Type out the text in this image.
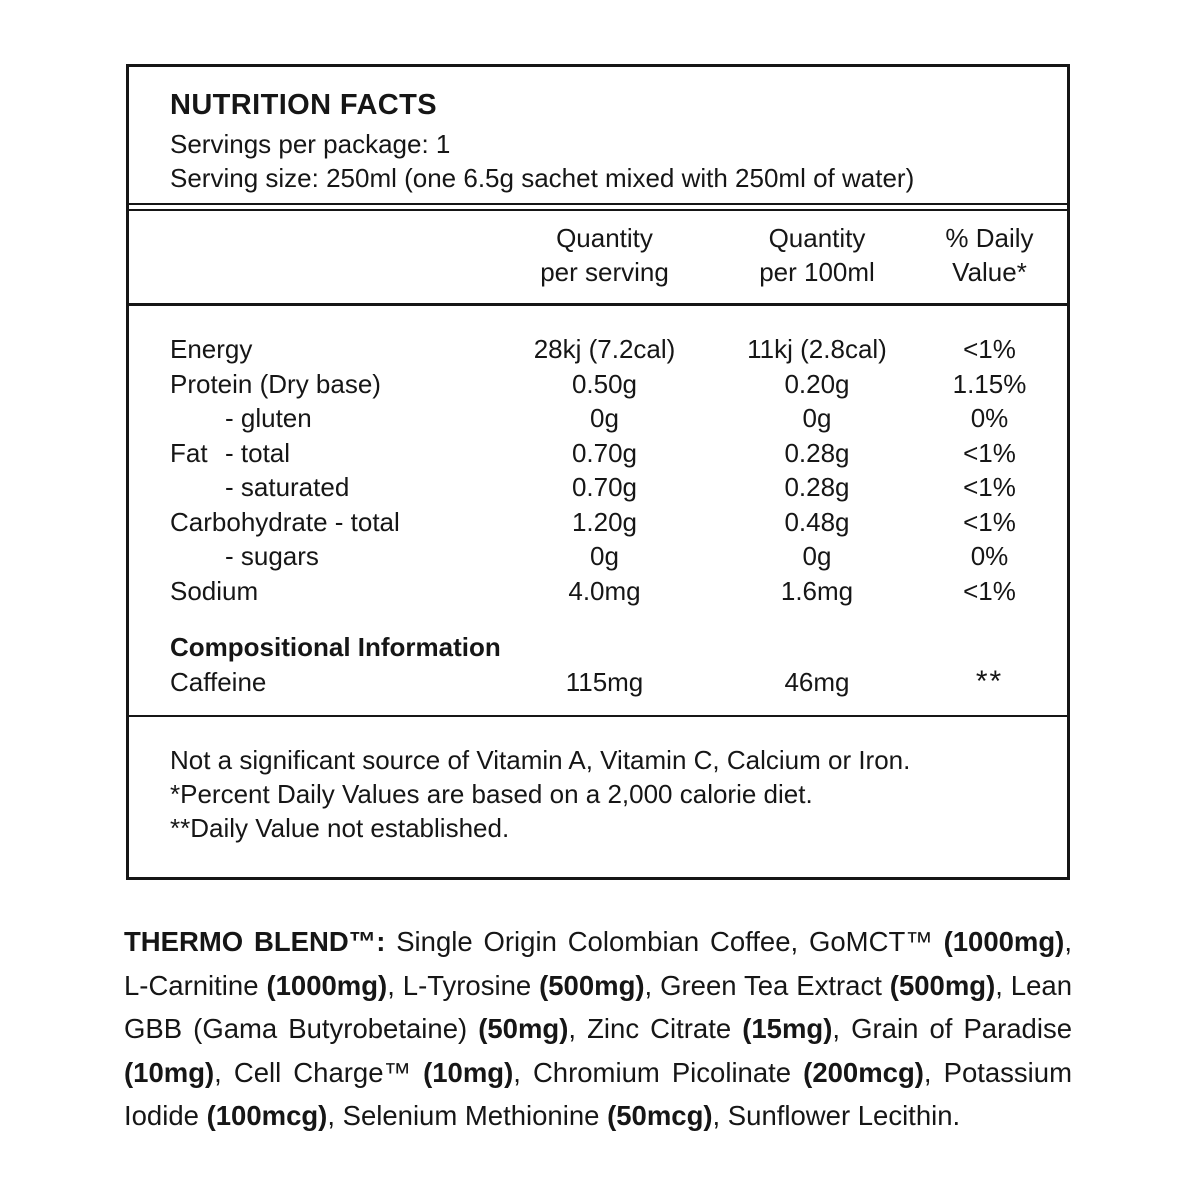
NUTRITION FACTS
Servings per package: 1
Serving size: 250ml (one 6.5g sachet mixed with 250ml of water)
Quantity
per serving
Quantity
per 100ml
% Daily
Value*
Energy	28kj (7.2cal)	11kj (2.8cal)	<1%
Protein (Dry base)	0.50g	0.20g	1.15%
- gluten	0g	0g	0%
Fat - total	0.70g	0.28g	<1%
- saturated	0.70g	0.28g	<1%
Carbohydrate - total	1.20g	0.48g	<1%
- sugars	0g	0g	0%
Sodium	4.0mg	1.6mg	<1%
Compositional Information
Caffeine	115mg	46mg	**
Not a significant source of Vitamin A, Vitamin C, Calcium or Iron.
*Percent Daily Values are based on a 2,000 calorie diet.
**Daily Value not established.

THERMO BLEND™: Single Origin Colombian Coffee, GoMCT™ (1000mg), L-Carnitine (1000mg), L-Tyrosine (500mg), Green Tea Extract (500mg), Lean GBB (Gama Butyrobetaine) (50mg), Zinc Citrate (15mg), Grain of Paradise (10mg), Cell Charge™ (10mg), Chromium Picolinate (200mcg), Potassium Iodide (100mcg), Selenium Methionine (50mcg), Sunflower Lecithin.
